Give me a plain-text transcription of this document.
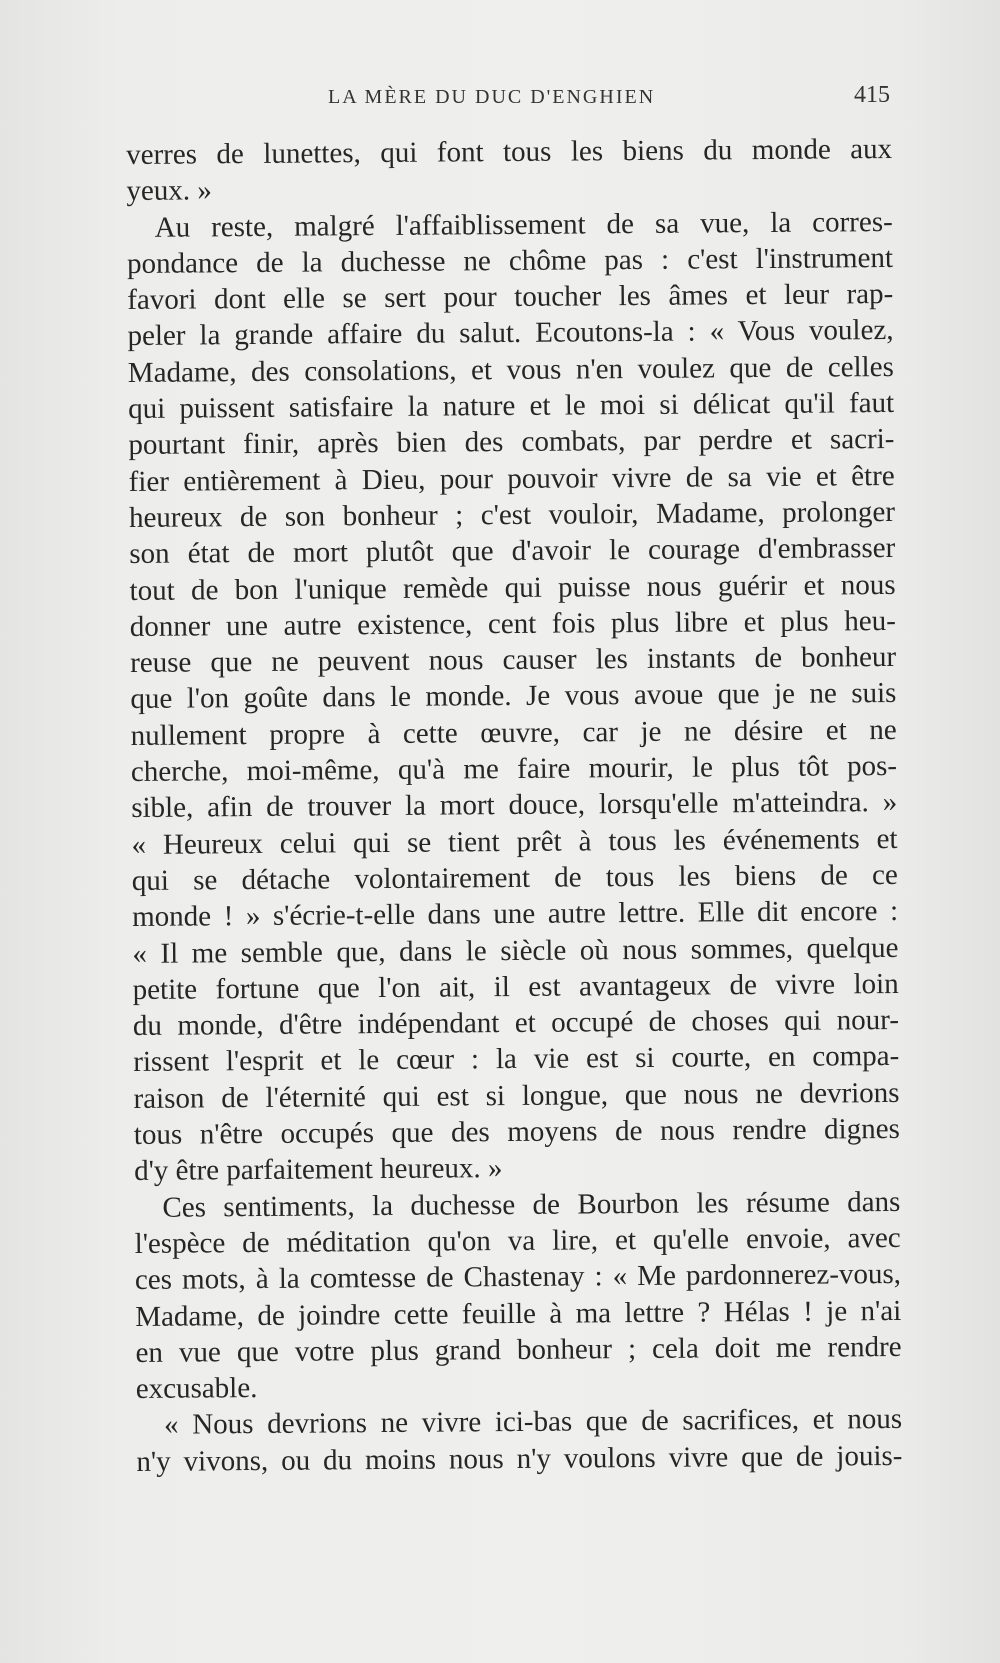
LA MÈRE DU DUC D'ENGHIEN	415
verres de lunettes, qui font tous les biens du monde aux
yeux. »
Au reste, malgré l'affaiblissement de sa vue, la corres-
pondance de la duchesse ne chôme pas : c'est l'instrument
favori dont elle se sert pour toucher les âmes et leur rap-
peler la grande affaire du salut. Ecoutons-la : « Vous voulez,
Madame, des consolations, et vous n'en voulez que de celles
qui puissent satisfaire la nature et le moi si délicat qu'il faut
pourtant finir, après bien des combats, par perdre et sacri-
fier entièrement à Dieu, pour pouvoir vivre de sa vie et être
heureux de son bonheur ; c'est vouloir, Madame, prolonger
son état de mort plutôt que d'avoir le courage d'embrasser
tout de bon l'unique remède qui puisse nous guérir et nous
donner une autre existence, cent fois plus libre et plus heu-
reuse que ne peuvent nous causer les instants de bonheur
que l'on goûte dans le monde. Je vous avoue que je ne suis
nullement propre à cette œuvre, car je ne désire et ne
cherche, moi-même, qu'à me faire mourir, le plus tôt pos-
sible, afin de trouver la mort douce, lorsqu'elle m'atteindra. »
« Heureux celui qui se tient prêt à tous les événements et
qui se détache volontairement de tous les biens de ce
monde ! » s'écrie-t-elle dans une autre lettre. Elle dit encore :
« Il me semble que, dans le siècle où nous sommes, quelque
petite fortune que l'on ait, il est avantageux de vivre loin
du monde, d'être indépendant et occupé de choses qui nour-
rissent l'esprit et le cœur : la vie est si courte, en compa-
raison de l'éternité qui est si longue, que nous ne devrions
tous n'être occupés que des moyens de nous rendre dignes
d'y être parfaitement heureux. »
Ces sentiments, la duchesse de Bourbon les résume dans
l'espèce de méditation qu'on va lire, et qu'elle envoie, avec
ces mots, à la comtesse de Chastenay : « Me pardonnerez-vous,
Madame, de joindre cette feuille à ma lettre ? Hélas ! je n'ai
en vue que votre plus grand bonheur ; cela doit me rendre
excusable.
« Nous devrions ne vivre ici-bas que de sacrifices, et nous
n'y vivons, ou du moins nous n'y voulons vivre que de jouis-
